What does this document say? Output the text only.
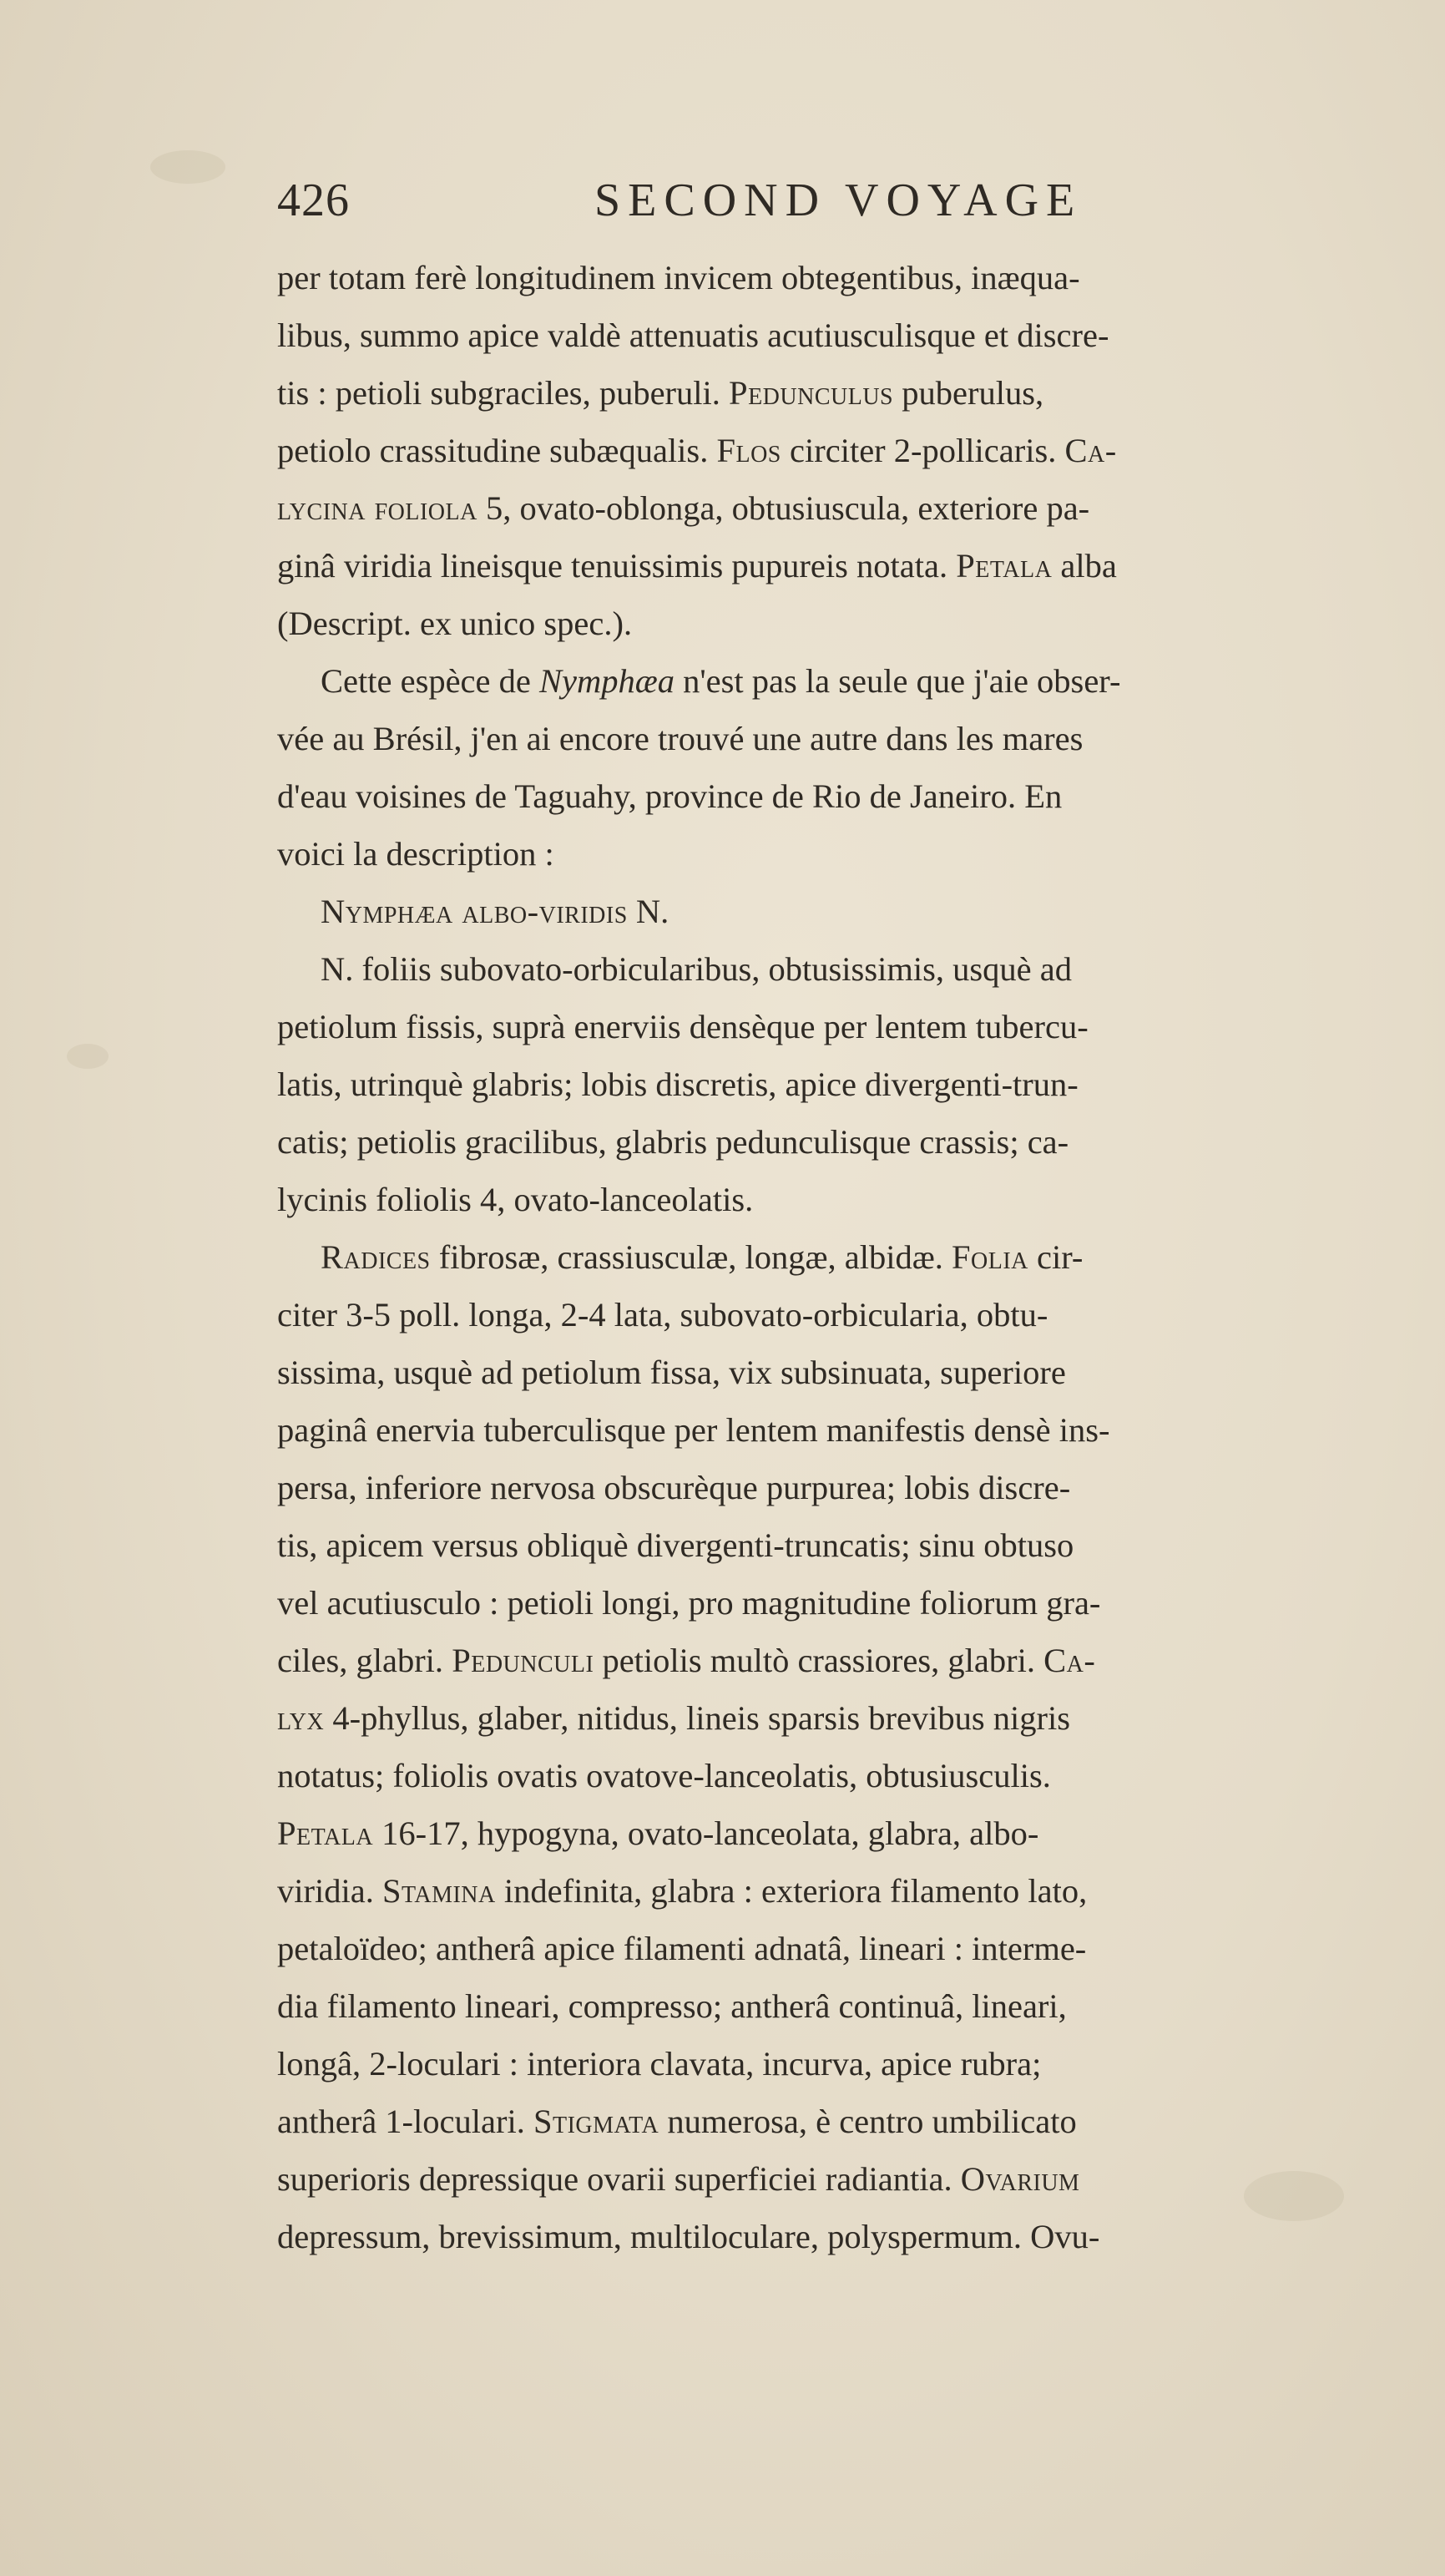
426	SECOND VOYAGE
per totam ferè longitudinem invicem obtegentibus, inæqua-
libus, summo apice valdè attenuatis acutiusculisque et discre-
tis : petioli subgraciles, puberuli. Pedunculus puberulus,
petiolo crassitudine subæqualis. Flos circiter 2-pollicaris. Ca-
lycina foliola 5, ovato-oblonga, obtusiuscula, exteriore pa-
ginâ viridia lineisque tenuissimis pupureis notata. Petala alba
(Descript. ex unico spec.).
Cette espèce de Nymphæa n'est pas la seule que j'aie obser-
vée au Brésil, j'en ai encore trouvé une autre dans les mares
d'eau voisines de Taguahy, province de Rio de Janeiro. En
voici la description :
Nymphæa albo-viridis N.
N. foliis subovato-orbicularibus, obtusissimis, usquè ad
petiolum fissis, suprà enerviis densèque per lentem tubercu-
latis, utrinquè glabris; lobis discretis, apice divergenti-trun-
catis; petiolis gracilibus, glabris pedunculisque crassis; ca-
lycinis foliolis 4, ovato-lanceolatis.
Radices fibrosæ, crassiusculæ, longæ, albidæ. Folia cir-
citer 3-5 poll. longa, 2-4 lata, subovato-orbicularia, obtu-
sissima, usquè ad petiolum fissa, vix subsinuata, superiore
paginâ enervia tuberculisque per lentem manifestis densè ins-
persa, inferiore nervosa obscurèque purpurea; lobis discre-
tis, apicem versus obliquè divergenti-truncatis; sinu obtuso
vel acutiusculo : petioli longi, pro magnitudine foliorum gra-
ciles, glabri. Pedunculi petiolis multò crassiores, glabri. Ca-
lyx 4-phyllus, glaber, nitidus, lineis sparsis brevibus nigris
notatus; foliolis ovatis ovatove-lanceolatis, obtusiusculis.
Petala 16-17, hypogyna, ovato-lanceolata, glabra, albo-
viridia. Stamina indefinita, glabra : exteriora filamento lato,
petaloïdeo; antherâ apice filamenti adnatâ, lineari : interme-
dia filamento lineari, compresso; antherâ continuâ, lineari,
longâ, 2-loculari : interiora clavata, incurva, apice rubra;
antherâ 1-loculari. Stigmata numerosa, è centro umbilicato
superioris depressique ovarii superficiei radiantia. Ovarium
depressum, brevissimum, multiloculare, polyspermum. Ovu-
